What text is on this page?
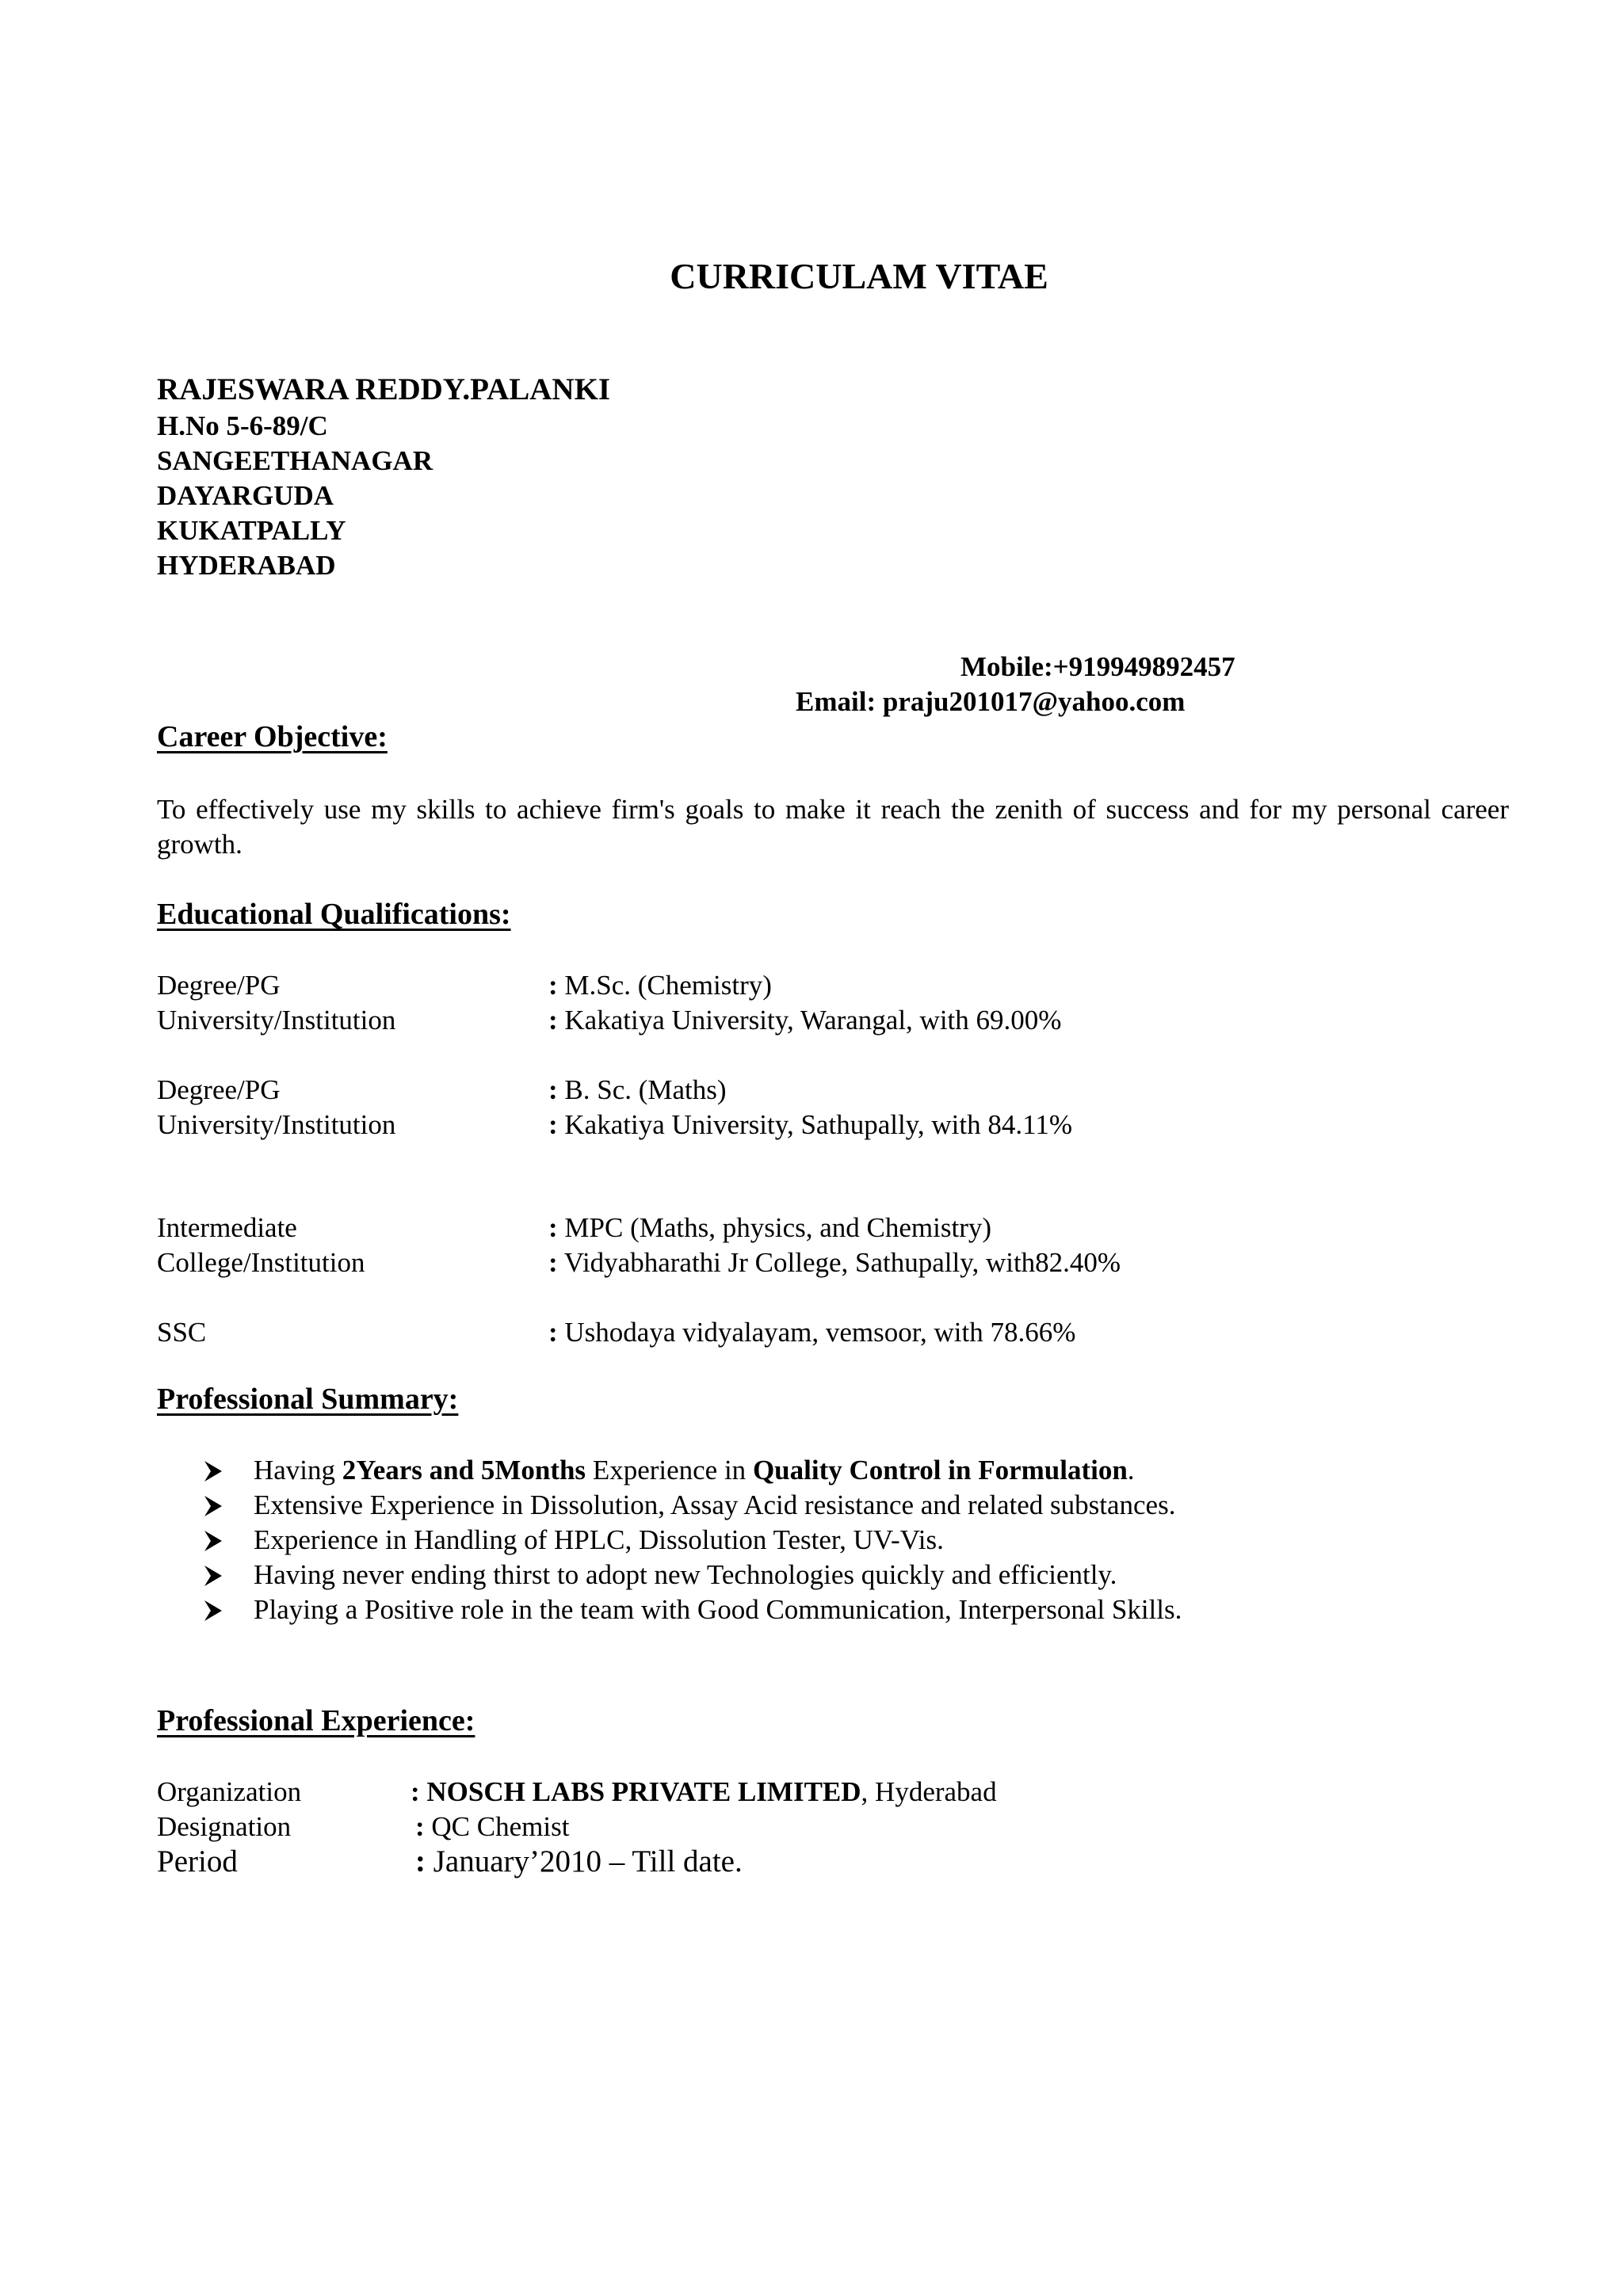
CURRICULAM VITAE
RAJESWARA REDDY.PALANKI
H.No 5-6-89/C
SANGEETHANAGAR
DAYARGUDA
KUKATPALLY
HYDERABAD
Mobile:+919949892457
Email: praju201017@yahoo.com
Career Objective:
To effectively use my skills to achieve firm's goals to make it reach the zenith of success and for my personal career growth.
Educational Qualifications:
Degree/PG	: M.Sc. (Chemistry)
University/Institution	: Kakatiya University, Warangal, with 69.00%
Degree/PG	: B. Sc. (Maths)
University/Institution	: Kakatiya University, Sathupally, with 84.11%
Intermediate	: MPC (Maths, physics, and Chemistry)
College/Institution	: Vidyabharathi Jr College, Sathupally, with82.40%
SSC	: Ushodaya vidyalayam, vemsoor, with 78.66%
Professional Summary:
Having 2Years and 5Months Experience in Quality Control in Formulation.
Extensive Experience in Dissolution, Assay Acid resistance and related substances.
Experience in Handling of HPLC, Dissolution Tester, UV-Vis.
Having never ending thirst to adopt new Technologies quickly and efficiently.
Playing a Positive role in the team with Good Communication, Interpersonal Skills.
Professional Experience:
Organization	: NOSCH LABS PRIVATE LIMITED, Hyderabad
Designation	: QC Chemist
Period	: January’2010 – Till date.
